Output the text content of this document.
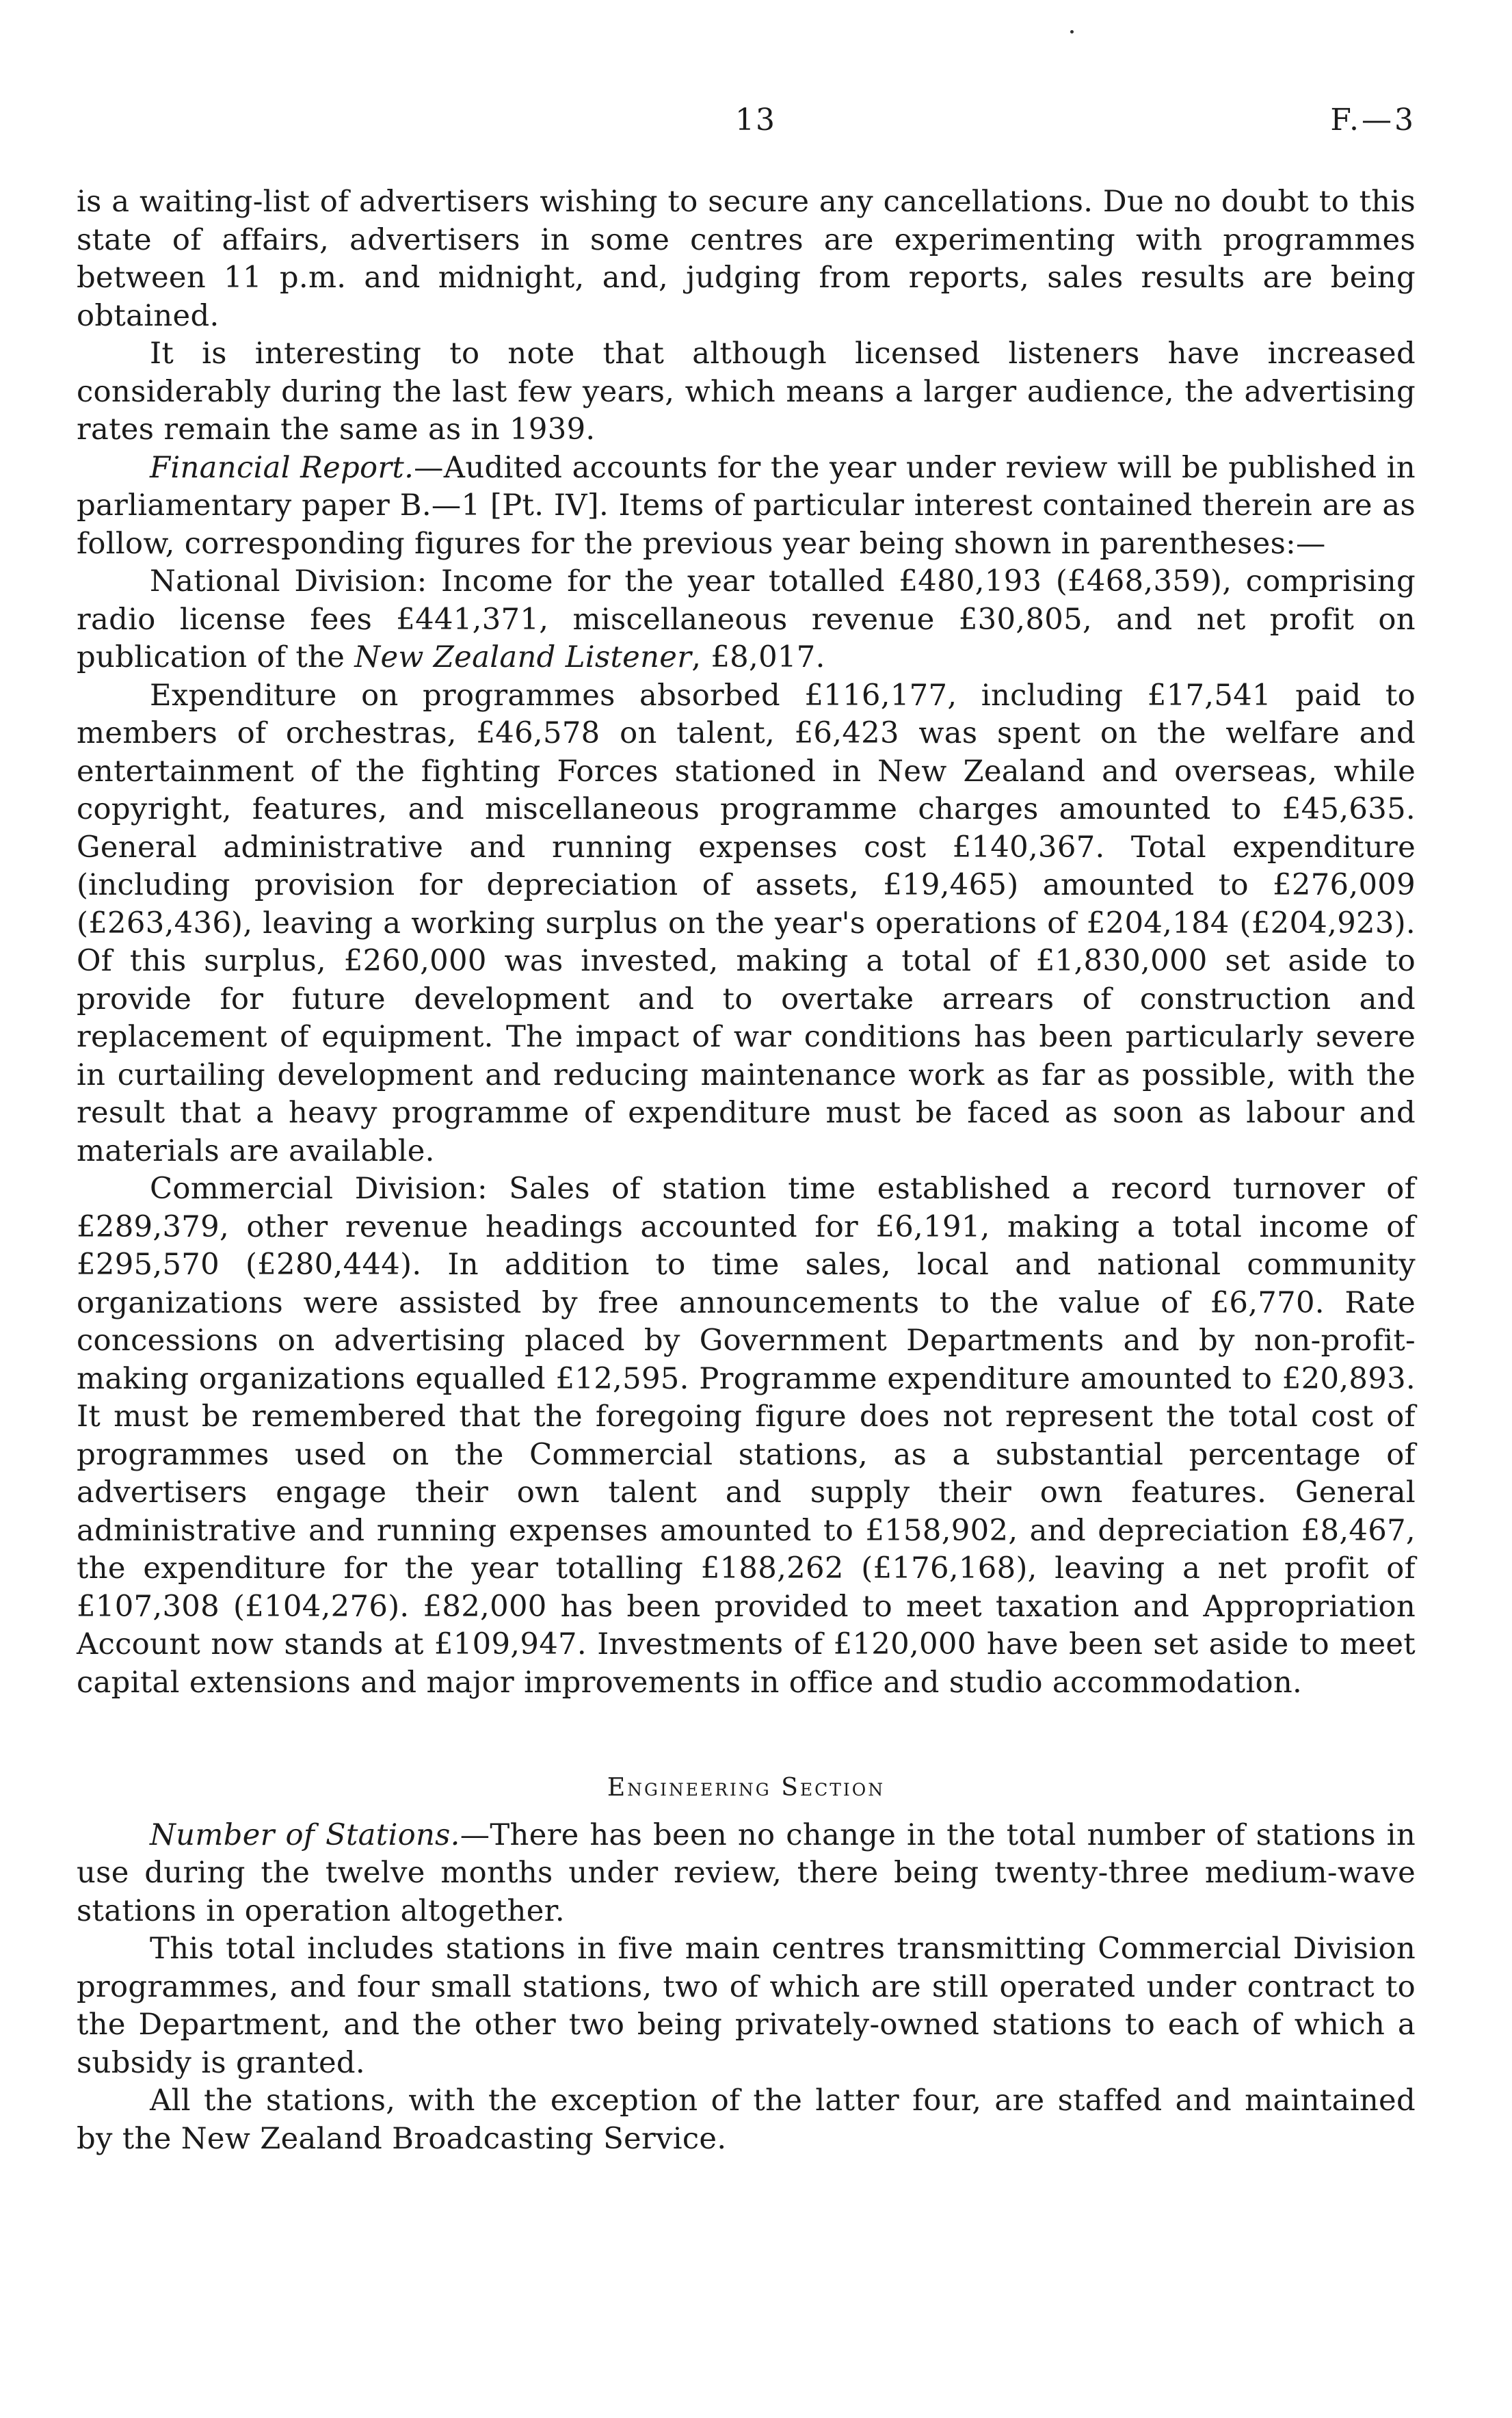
13	F.—3

is a waiting-list of advertisers wishing to secure any cancellations. Due no doubt to this state of affairs, advertisers in some centres are experimenting with programmes between 11 p.m. and midnight, and, judging from reports, sales results are being obtained.

It is interesting to note that although licensed listeners have increased considerably during the last few years, which means a larger audience, the advertising rates remain the same as in 1939.

Financial Report.—Audited accounts for the year under review will be published in parliamentary paper B.—1 [Pt. IV]. Items of particular interest contained therein are as follow, corresponding figures for the previous year being shown in parentheses:—

National Division: Income for the year totalled £480,193 (£468,359), comprising radio license fees £441,371, miscellaneous revenue £30,805, and net profit on publication of the New Zealand Listener, £8,017.

Expenditure on programmes absorbed £116,177, including £17,541 paid to members of orchestras, £46,578 on talent, £6,423 was spent on the welfare and entertainment of the fighting Forces stationed in New Zealand and overseas, while copyright, features, and miscellaneous programme charges amounted to £45,635. General administrative and running expenses cost £140,367. Total expenditure (including provision for depreciation of assets, £19,465) amounted to £276,009 (£263,436), leaving a working surplus on the year's operations of £204,184 (£204,923). Of this surplus, £260,000 was invested, making a total of £1,830,000 set aside to provide for future development and to overtake arrears of construction and replacement of equipment. The impact of war conditions has been particularly severe in curtailing development and reducing maintenance work as far as possible, with the result that a heavy programme of expenditure must be faced as soon as labour and materials are available.

Commercial Division: Sales of station time established a record turnover of £289,379, other revenue headings accounted for £6,191, making a total income of £295,570 (£280,444). In addition to time sales, local and national community organizations were assisted by free announcements to the value of £6,770. Rate concessions on advertising placed by Government Departments and by non-profit-making organizations equalled £12,595. Programme expenditure amounted to £20,893. It must be remembered that the foregoing figure does not represent the total cost of programmes used on the Commercial stations, as a substantial percentage of advertisers engage their own talent and supply their own features. General administrative and running expenses amounted to £158,902, and depreciation £8,467, the expenditure for the year totalling £188,262 (£176,168), leaving a net profit of £107,308 (£104,276). £82,000 has been provided to meet taxation and Appropriation Account now stands at £109,947. Investments of £120,000 have been set aside to meet capital extensions and major improvements in office and studio accommodation.

Engineering Section

Number of Stations.—There has been no change in the total number of stations in use during the twelve months under review, there being twenty-three medium-wave stations in operation altogether.

This total includes stations in five main centres transmitting Commercial Division programmes, and four small stations, two of which are still operated under contract to the Department, and the other two being privately-owned stations to each of which a subsidy is granted.

All the stations, with the exception of the latter four, are staffed and maintained by the New Zealand Broadcasting Service.
